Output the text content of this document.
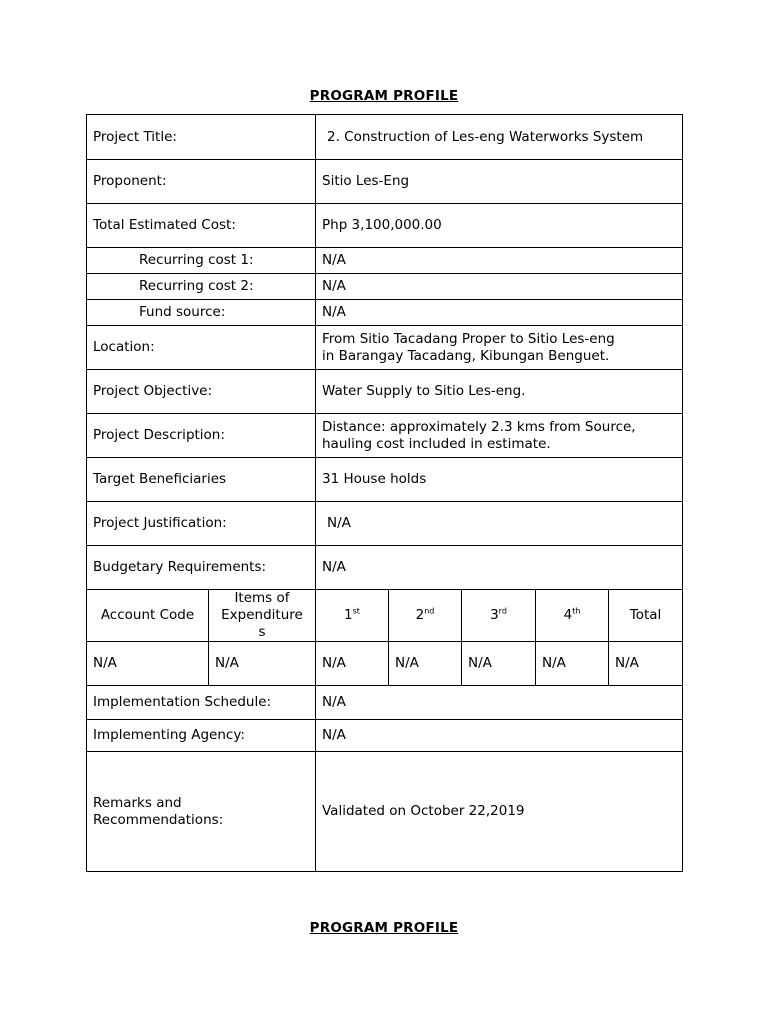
PROGRAM PROFILE
Project Title:		2. Construction of Les-eng Waterworks System				
Proponent:		Sitio Les-Eng				
Total Estimated Cost:		Php 3,100,000.00				
Recurring cost 1:		N/A				
Recurring cost 2:		N/A				
Fund source:		N/A				
Location:		From Sitio Tacadang Proper to Sitio Les-eng
in Barangay Tacadang, Kibungan Benguet.				

Project Objective:		Water Supply to Sitio Les-eng.				
Project Description:		Distance: approximately 2.3 kms from Source,
hauling cost included in estimate.				

Target Beneficiaries		31 House holds				
Project Justification:		N/A				
Budgetary Requirements:		N/A				
Account Code	Items of
Expenditure
s	1st	2nd	3rd	4th	Total
N/A	N/A	N/A	N/A	N/A	N/A	N/A
Implementation Schedule:		N/A				
Implementing Agency:		N/A				

Remarks and
Recommendations:		Validated on October 22,2019				
PROGRAM PROFILE
